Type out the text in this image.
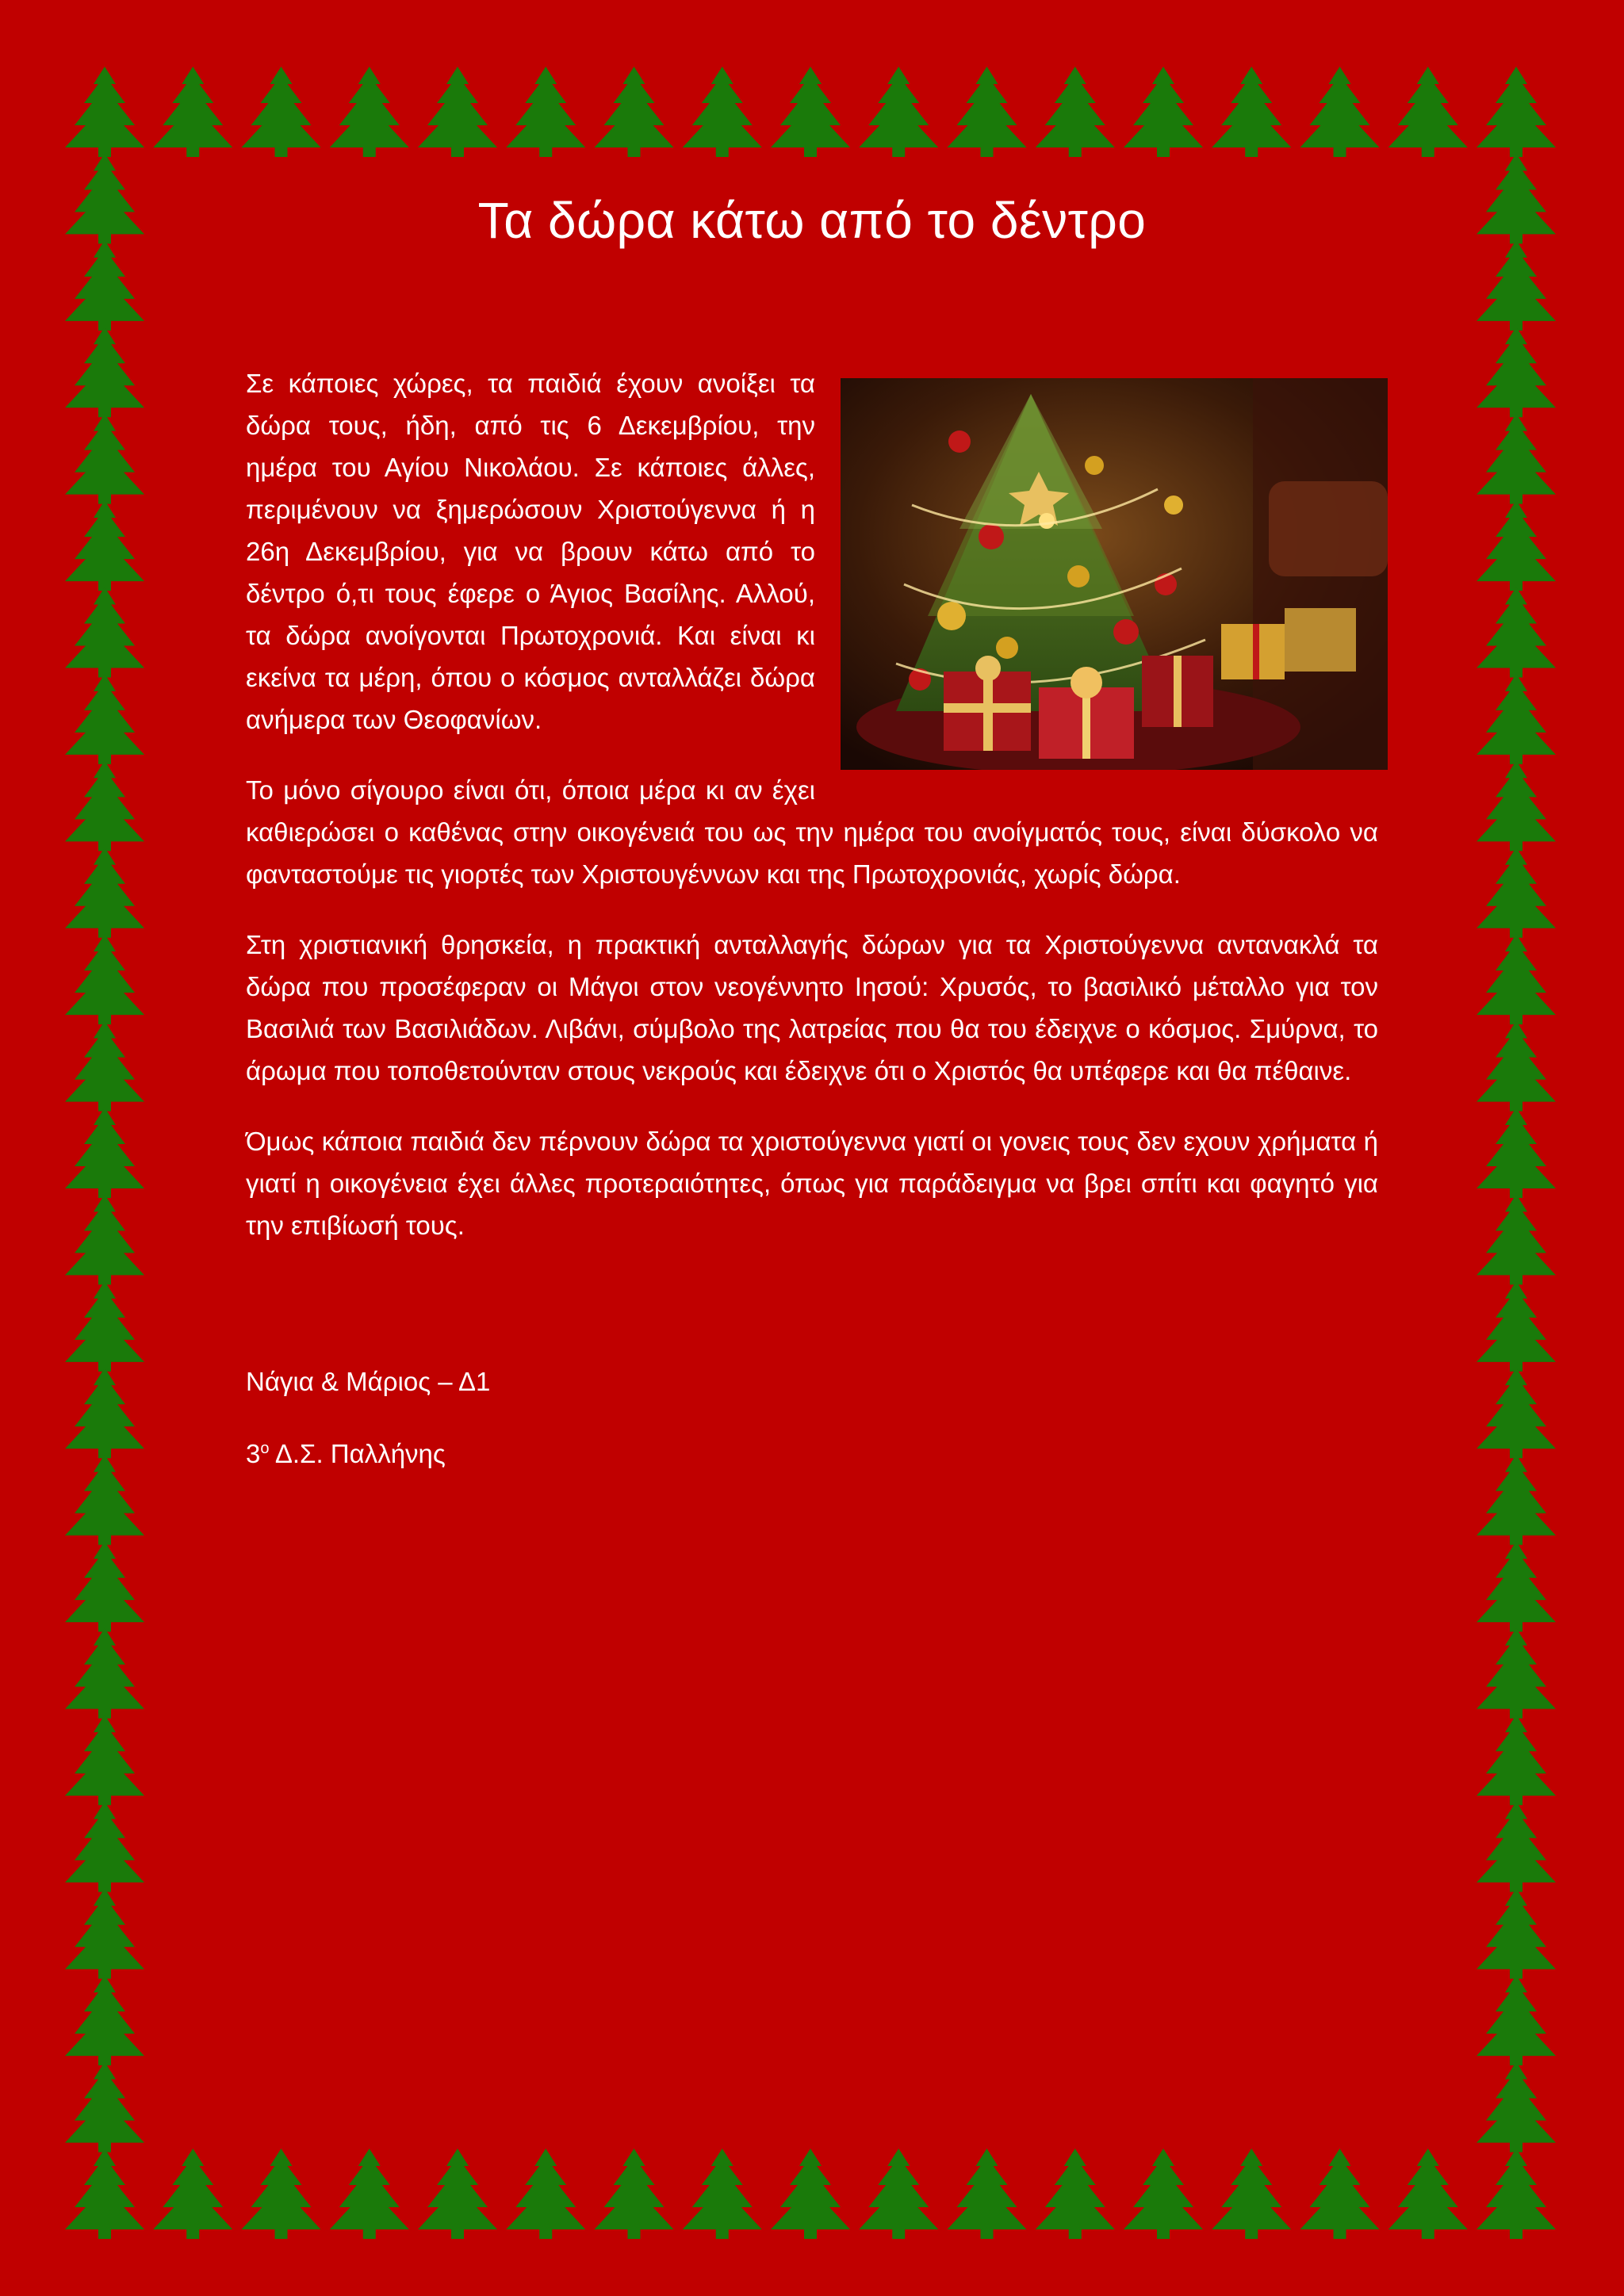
Τα δώρα κάτω από το δέντρο

Σε κάποιες χώρες, τα παιδιά έχουν ανοίξει τα δώρα τους, ήδη, από τις 6 Δεκεμβρίου, την ημέρα του Αγίου Νικολάου. Σε κάποιες άλλες, περιμένουν να ξημερώσουν Χριστούγεννα ή η 26η Δεκεμβρίου, για να βρουν κάτω από το δέντρο ό,τι τους έφερε ο Άγιος Βασίλης. Αλλού, τα δώρα ανοίγονται Πρωτοχρονιά. Και είναι κι εκείνα τα μέρη, όπου ο κόσμος ανταλλάζει δώρα ανήμερα των Θεοφανίων.

Το μόνο σίγουρο είναι ότι, όποια μέρα κι αν έχει καθιερώσει ο καθένας στην οικογένειά του ως την ημέρα του ανοίγματός τους, είναι δύσκολο να φανταστούμε τις γιορτές των Χριστουγέννων και της Πρωτοχρονιάς, χωρίς δώρα.

Στη χριστιανική θρησκεία, η πρακτική ανταλλαγής δώρων για τα Χριστούγεννα αντανακλά τα δώρα που προσέφεραν οι Μάγοι στον νεογέννητο Ιησού: Χρυσός, το βασιλικό μέταλλο για τον Βασιλιά των Βασιλιάδων. Λιβάνι, σύμβολο της λατρείας που θα του έδειχνε ο κόσμος. Σμύρνα, το άρωμα που τοποθετούνταν στους νεκρούς και έδειχνε ότι ο Χριστός θα υπέφερε και θα πέθαινε.

Όμως κάποια παιδιά δεν πέρνουν δώρα τα χριστούγεννα γιατί οι γονεις τους δεν εχουν χρήματα ή γιατί η οικογένεια έχει άλλες προτεραιότητες, όπως για παράδειγμα να βρει σπίτι και φαγητό για την επιβίωσή τους.

Νάγια & Μάριος – Δ1
$3^o$ Δ.Σ. Παλλήνης
